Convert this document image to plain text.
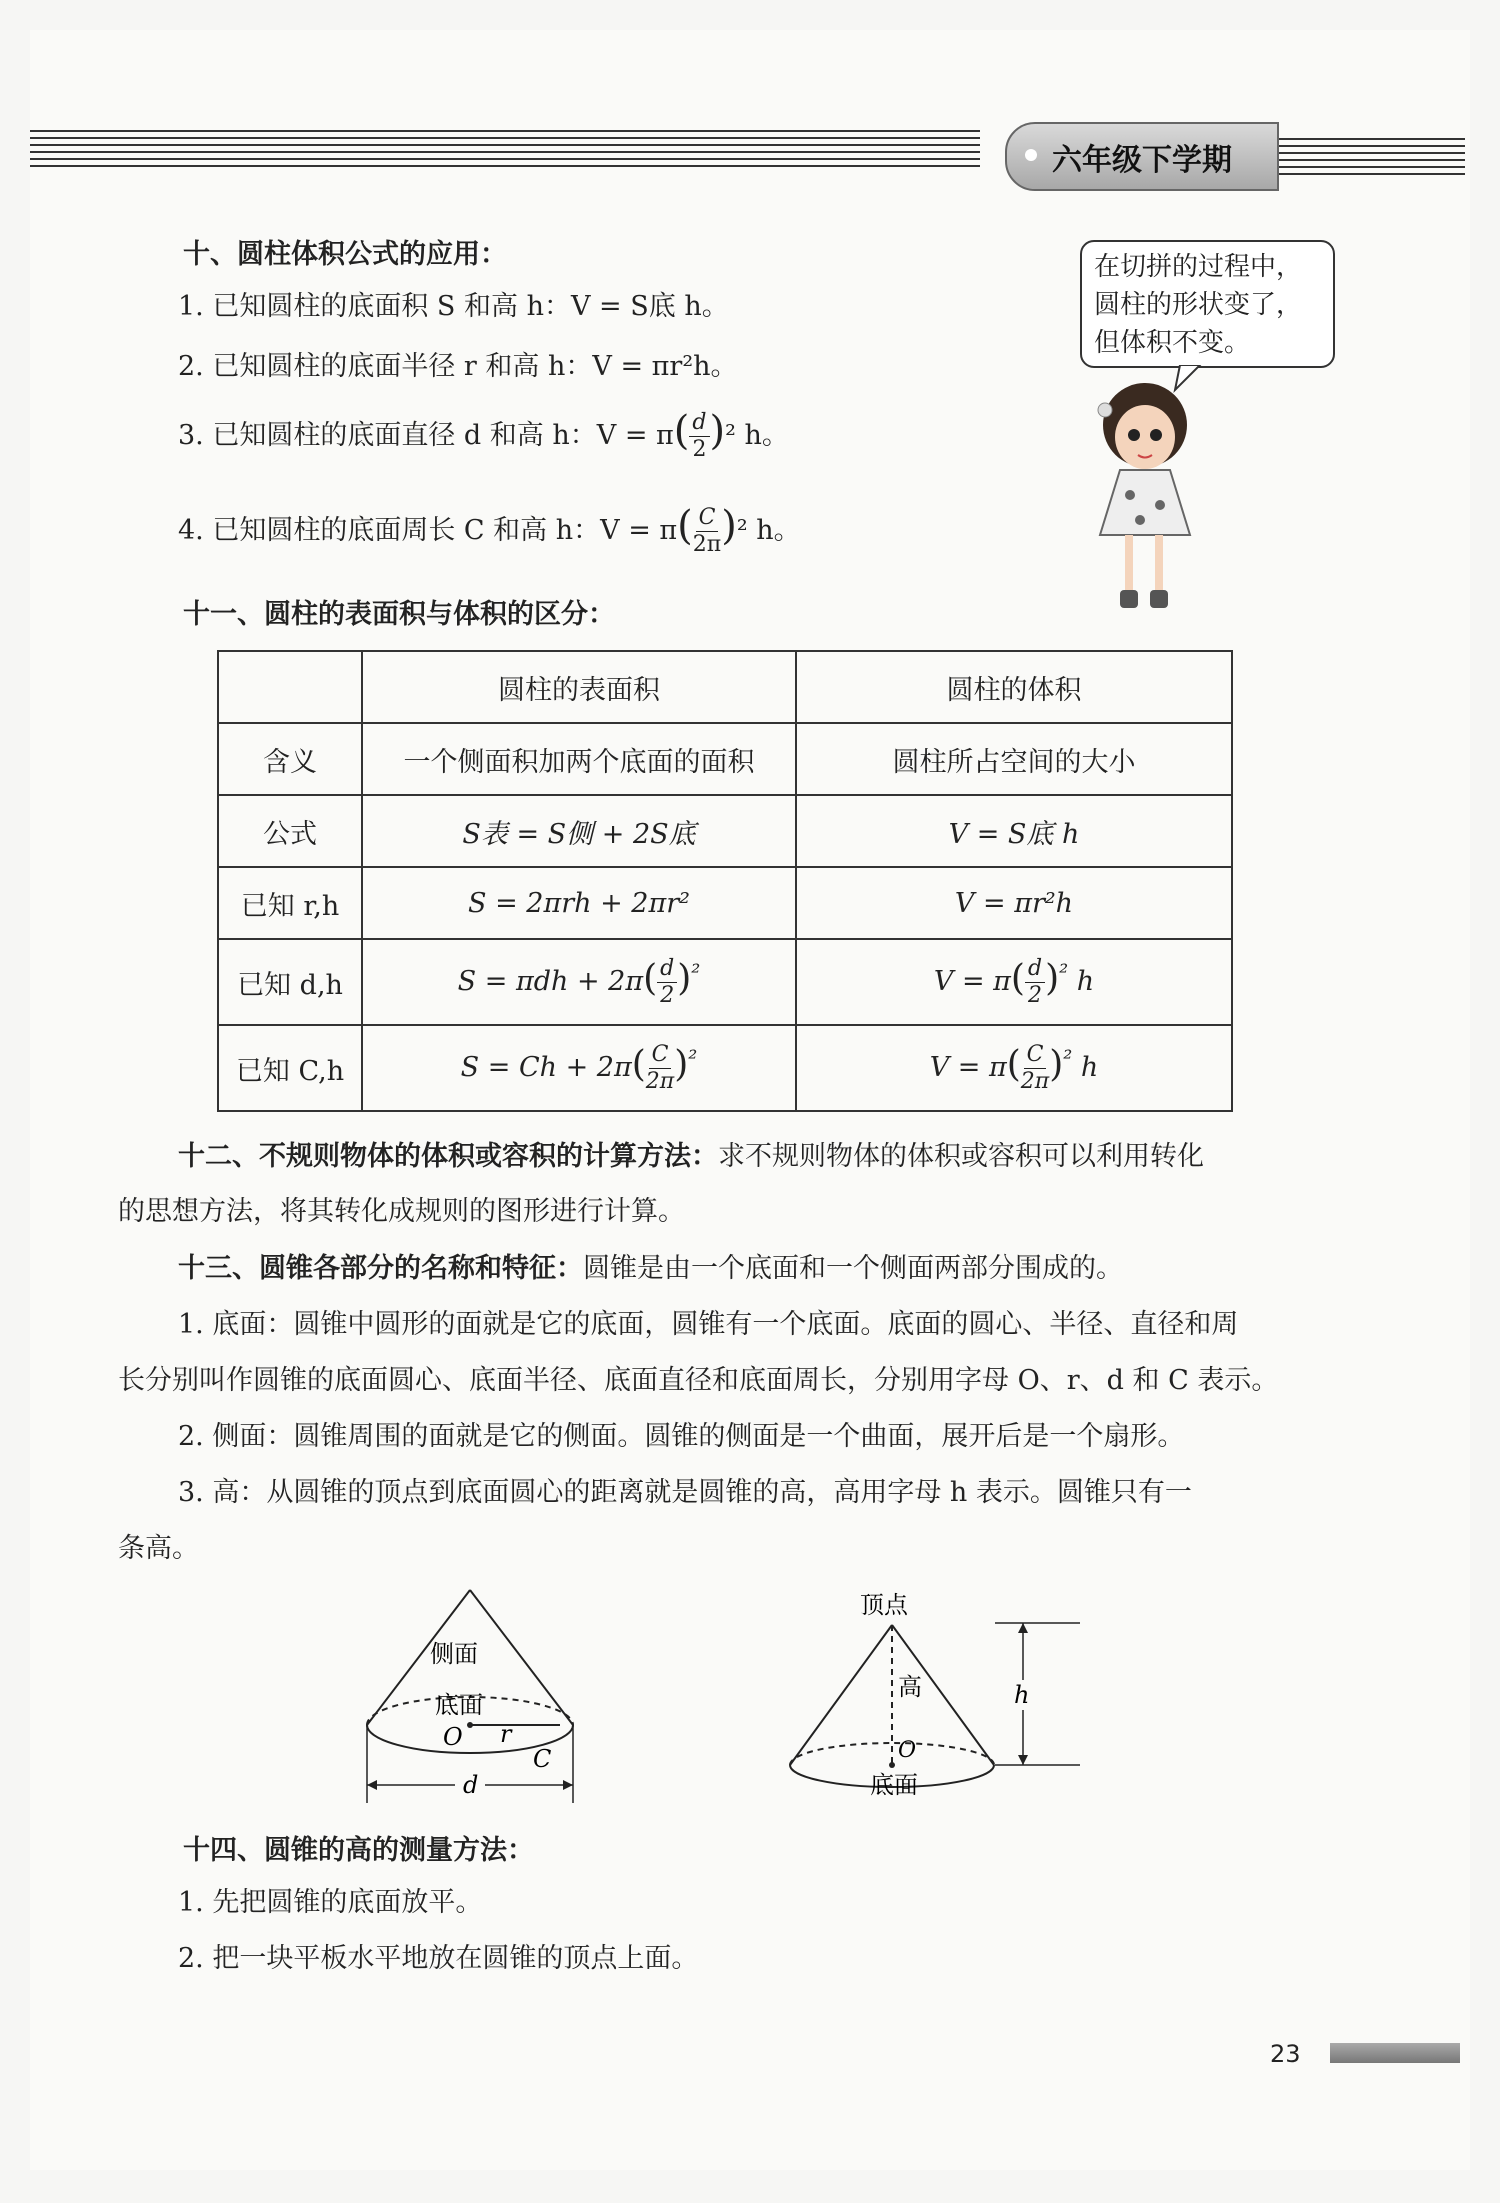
六年级下学期
十、圆柱体积公式的应用：
1. 已知圆柱的底面积 S 和高 h：V = S底 h。
2. 已知圆柱的底面半径 r 和高 h：V = πr²h。
3. 已知圆柱的底面直径 d 和高 h：$V = \pi( \frac{d}{2} )^2$ h。
4. 已知圆柱的底面周长 C 和高 h：$V = \pi( \frac{C}{2\pi} )^2$ h。
在切拼的过程中，
圆柱的形状变了，
但体积不变。
十一、圆柱的表面积与体积的区分：
	圆柱的表面积	圆柱的体积
含义	一个侧面积加两个底面的面积	圆柱所占空间的大小
公式	S表 = S侧 + 2S底	V = S底 h
已知 r,h	S = 2πrh + 2πr²	V = πr²h
已知 d,h	$S = \pi dh + 2\pi( \frac{d}{2} )^{^2}$	$V = \pi( \frac{d}{2} )^{^2}$ h
已知 C,h	$S = Ch + 2\pi( \frac{C}{2\pi} )^{^2}$	$V = \pi( \frac{C}{2\pi} )^{^2}$ h
十二、不规则物体的体积或容积的计算方法：求不规则物体的体积或容积可以利用转化
的思想方法，将其转化成规则的图形进行计算。
十三、圆锥各部分的名称和特征：圆锥是由一个底面和一个侧面两部分围成的。
1. 底面：圆锥中圆形的面就是它的底面，圆锥有一个底面。底面的圆心、半径、直径和周
长分别叫作圆锥的底面圆心、底面半径、底面直径和底面周长，分别用字母 O、r、d 和 C 表示。
2. 侧面：圆锥周围的面就是它的侧面。圆锥的侧面是一个曲面，展开后是一个扇形。
3. 高：从圆锥的顶点到底面圆心的距离就是圆锥的高，高用字母 h 表示。圆锥只有一
条高。
侧面
底面
O r
C
d
顶点
高
O
底面
h
十四、圆锥的高的测量方法：
1. 先把圆锥的底面放平。
2. 把一块平板水平地放在圆锥的顶点上面。
23
